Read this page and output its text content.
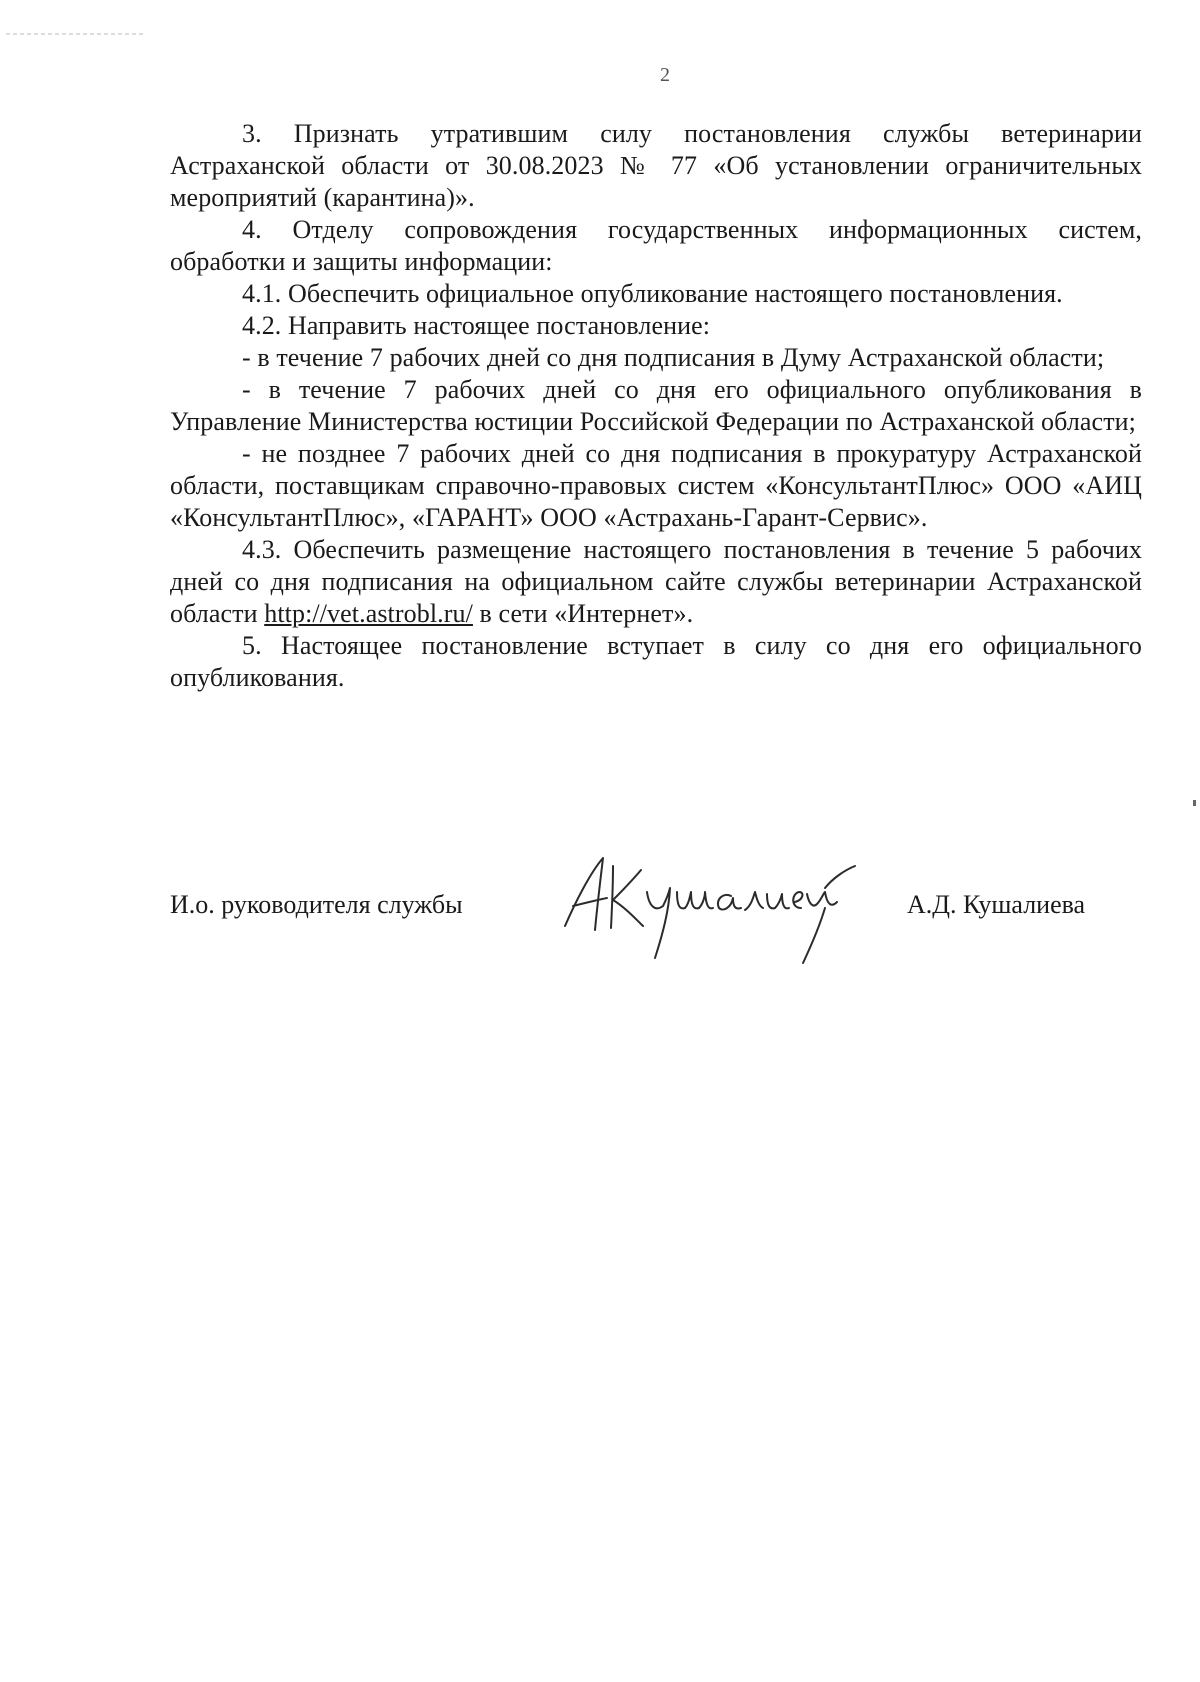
2

3. Признать утратившим силу постановления службы ветеринарии Астраханской области от 30.08.2023 № 77 «Об установлении ограничительных мероприятий (карантина)».

4. Отделу сопровождения государственных информационных систем, обработки и защиты информации:

4.1. Обеспечить официальное опубликование настоящего постановления.

4.2. Направить настоящее постановление:

- в течение 7 рабочих дней со дня подписания в Думу Астраханской области;

- в течение 7 рабочих дней со дня его официального опубликования в Управление Министерства юстиции Российской Федерации по Астраханской области;

- не позднее 7 рабочих дней со дня подписания в прокуратуру Астраханской области, поставщикам справочно-правовых систем «КонсультантПлюс» ООО «АИЦ «КонсультантПлюс», «ГАРАНТ» ООО «Астрахань-Гарант-Сервис».

4.3. Обеспечить размещение настоящего постановления в течение 5 рабочих дней со дня подписания на официальном сайте службы ветеринарии Астраханской области http://vet.astrobl.ru/ в сети «Интернет».

5. Настоящее постановление вступает в силу со дня его официального опубликования.

И.о. руководителя службы	А.Д. Кушалиева
